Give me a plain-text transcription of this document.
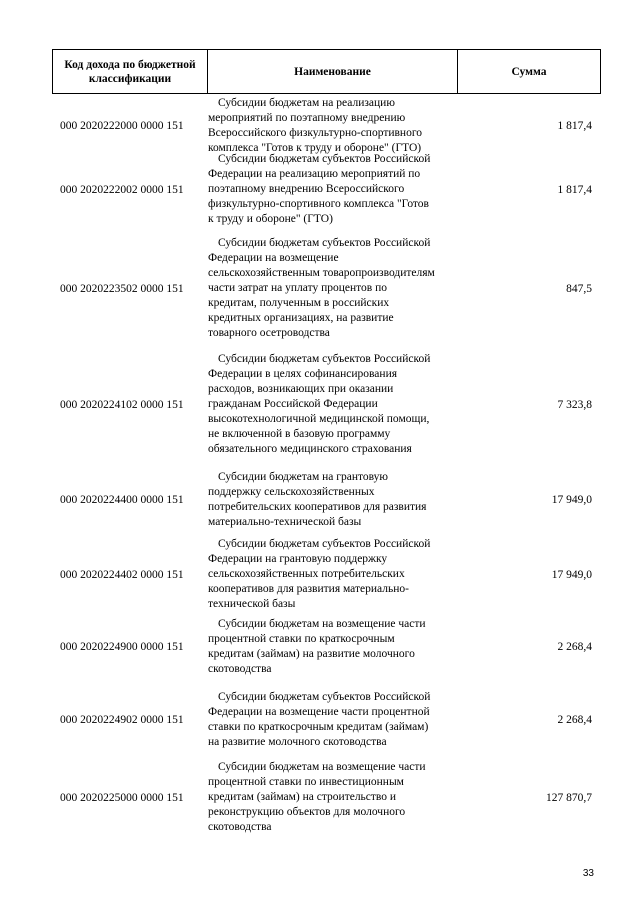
Код дохода по бюджетной классификации
Наименование	Сумма
000 2020222000 0000 151
Субсидии бюджетам на реализацию
мероприятий по поэтапному внедрению
Всероссийского физкультурно-спортивного
комплекса "Готов к труду и обороне" (ГТО)
1 817,4
000 2020222002 0000 151
Субсидии бюджетам субъектов Российской
Федерации на реализацию мероприятий по
поэтапному внедрению Всероссийского
физкультурно-спортивного комплекса "Готов
к труду и обороне" (ГТО)
1 817,4
000 2020223502 0000 151
Субсидии бюджетам субъектов Российской
Федерации на возмещение
сельскохозяйственным товаропроизводителям
части затрат на уплату процентов по
кредитам, полученным в российских
кредитных организациях, на развитие
товарного осетроводства
847,5
000 2020224102 0000 151
Субсидии бюджетам субъектов Российской
Федерации в целях софинансирования
расходов, возникающих при оказании
гражданам Российской Федерации
высокотехнологичной медицинской помощи,
не включенной в базовую программу
обязательного медицинского страхования
7 323,8
000 2020224400 0000 151
Субсидии бюджетам на грантовую
поддержку сельскохозяйственных
потребительских кооперативов для развития
материально-технической базы
17 949,0
000 2020224402 0000 151
Субсидии бюджетам субъектов Российской
Федерации на грантовую поддержку
сельскохозяйственных потребительских
кооперативов для развития материально-
технической базы
17 949,0
000 2020224900 0000 151
Субсидии бюджетам на возмещение части
процентной ставки по краткосрочным
кредитам (займам) на развитие молочного
скотоводства
2 268,4
000 2020224902 0000 151
Субсидии бюджетам субъектов Российской
Федерации на возмещение части процентной
ставки по краткосрочным кредитам (займам)
на развитие молочного скотоводства
2 268,4
000 2020225000 0000 151
Субсидии бюджетам на возмещение части
процентной ставки по инвестиционным
кредитам (займам) на строительство и
реконструкцию объектов для молочного
скотоводства
127 870,7
33
